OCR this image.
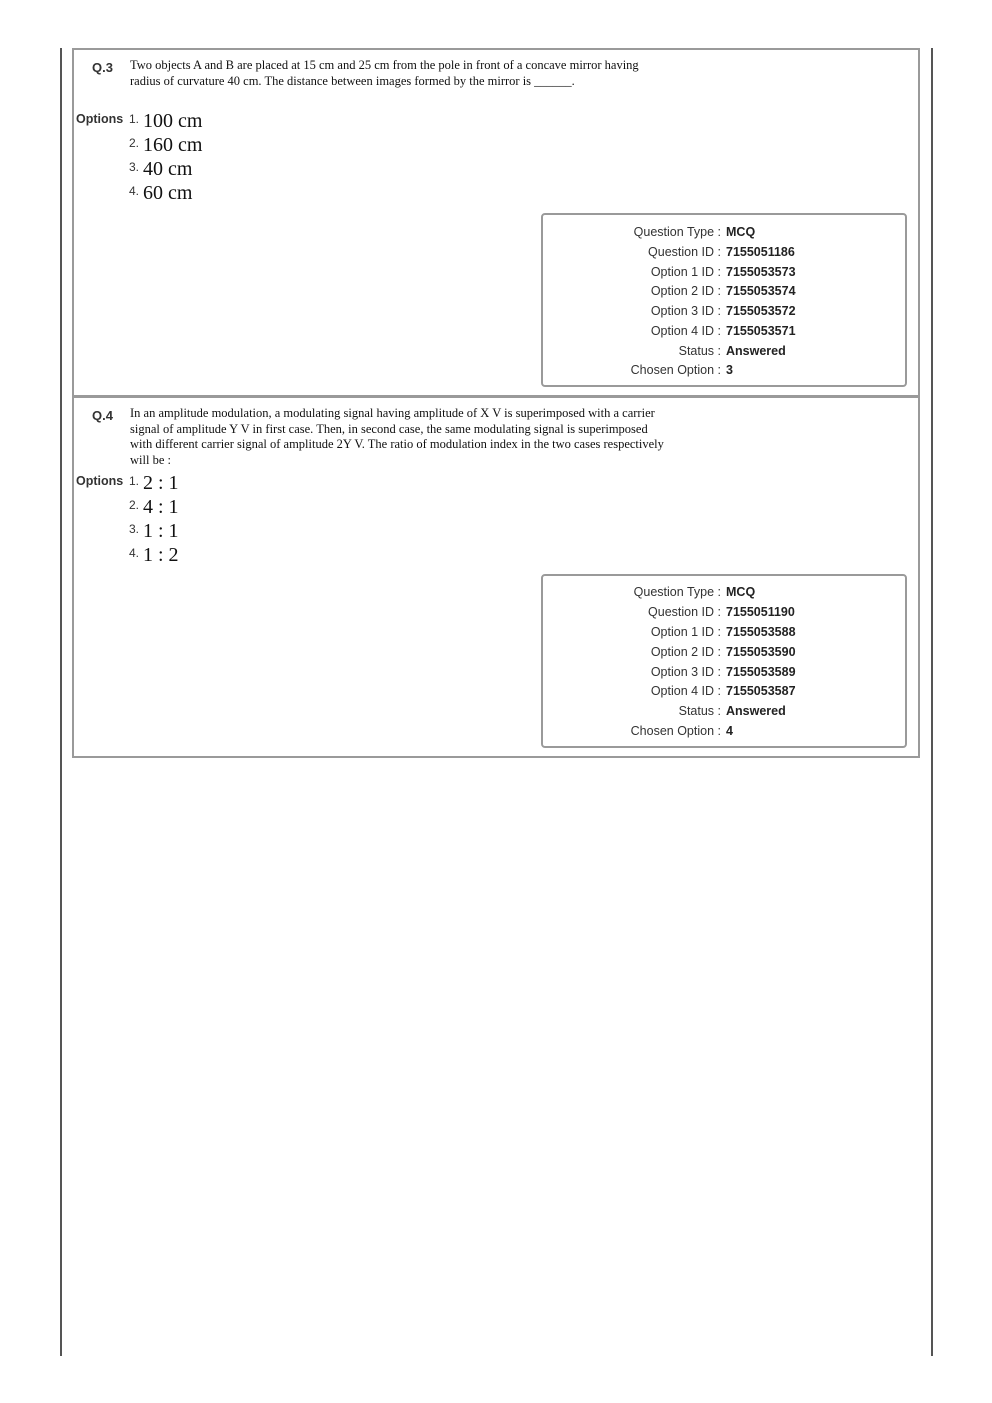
Q.3 Two objects A and B are placed at 15 cm and 25 cm from the pole in front of a concave mirror having radius of curvature 40 cm. The distance between images formed by the mirror is ______.
Options 1. 100 cm
2. 160 cm
3. 40 cm
4. 60 cm
Question Type : MCQ
Question ID : 7155051186
Option 1 ID : 7155053573
Option 2 ID : 7155053574
Option 3 ID : 7155053572
Option 4 ID : 7155053571
Status : Answered
Chosen Option : 3
Q.4 In an amplitude modulation, a modulating signal having amplitude of X V is superimposed with a carrier signal of amplitude Y V in first case. Then, in second case, the same modulating signal is superimposed with different carrier signal of amplitude 2Y V. The ratio of modulation index in the two cases respectively will be :
Options 1. 2 : 1
2. 4 : 1
3. 1 : 1
4. 1 : 2
Question Type : MCQ
Question ID : 7155051190
Option 1 ID : 7155053588
Option 2 ID : 7155053590
Option 3 ID : 7155053589
Option 4 ID : 7155053587
Status : Answered
Chosen Option : 4
